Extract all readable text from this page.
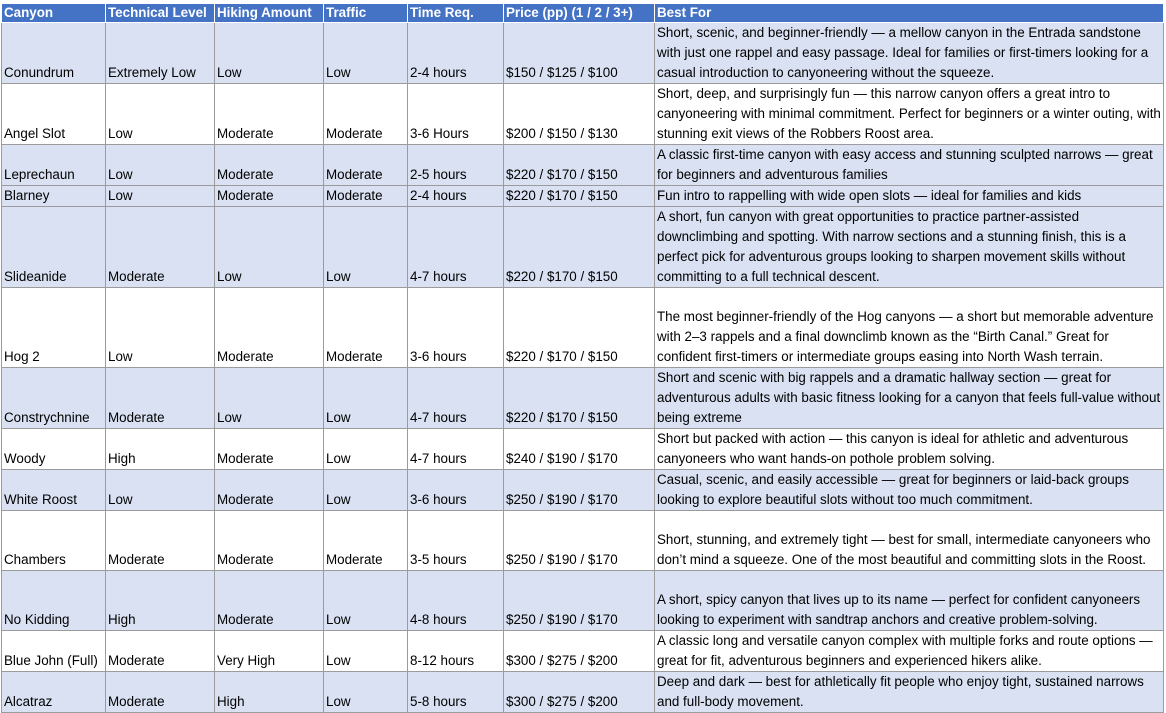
Canyon	Technical Level	Hiking Amount	Traffic	Time Req.	Price (pp) (1 / 2 / 3+)	Best For
Conundrum	Extremely Low	Low	Low	2-4 hours	$150 / $125 / $100	Short, scenic, and beginner-friendly — a mellow canyon in the Entrada sandstone with just one rappel and easy passage. Ideal for families or first-timers looking for a casual introduction to canyoneering without the squeeze.
Angel Slot	Low	Moderate	Moderate	3-6 Hours	$200 / $150 / $130	Short, deep, and surprisingly fun — this narrow canyon offers a great intro to canyoneering with minimal commitment. Perfect for beginners or a winter outing, with stunning exit views of the Robbers Roost area.
Leprechaun	Low	Moderate	Moderate	2-5 hours	$220 / $170 / $150	A classic first-time canyon with easy access and stunning sculpted narrows — great for beginners and adventurous families
Blarney	Low	Moderate	Moderate	2-4 hours	$220 / $170 / $150	Fun intro to rappelling with wide open slots — ideal for families and kids
Slideanide	Moderate	Low	Low	4-7 hours	$220 / $170 / $150	A short, fun canyon with great opportunities to practice partner-assisted downclimbing and spotting. With narrow sections and a stunning finish, this is a perfect pick for adventurous groups looking to sharpen movement skills without committing to a full technical descent.
Hog 2	Low	Moderate	Moderate	3-6 hours	$220 / $170 / $150	The most beginner-friendly of the Hog canyons — a short but memorable adventure with 2–3 rappels and a final downclimb known as the “Birth Canal.” Great for confident first-timers or intermediate groups easing into North Wash terrain.
Constrychnine	Moderate	Low	Low	4-7 hours	$220 / $170 / $150	Short and scenic with big rappels and a dramatic hallway section — great for adventurous adults with basic fitness looking for a canyon that feels full-value without being extreme
Woody	High	Moderate	Low	4-7 hours	$240 / $190 / $170	Short but packed with action — this canyon is ideal for athletic and adventurous canyoneers who want hands-on pothole problem solving.
White Roost	Low	Moderate	Low	3-6 hours	$250 / $190 / $170	Casual, scenic, and easily accessible — great for beginners or laid-back groups looking to explore beautiful slots without too much commitment.
Chambers	Moderate	Moderate	Moderate	3-5 hours	$250 / $190 / $170	Short, stunning, and extremely tight — best for small, intermediate canyoneers who don’t mind a squeeze. One of the most beautiful and committing slots in the Roost.
No Kidding	High	Moderate	Low	4-8 hours	$250 / $190 / $170	A short, spicy canyon that lives up to its name — perfect for confident canyoneers looking to experiment with sandtrap anchors and creative problem-solving.
Blue John (Full)	Moderate	Very High	Low	8-12 hours	$300 / $275 / $200	A classic long and versatile canyon complex with multiple forks and route options — great for fit, adventurous beginners and experienced hikers alike.
Alcatraz	Moderate	High	Low	5-8 hours	$300 / $275 / $200	Deep and dark — best for athletically fit people who enjoy tight, sustained narrows and full-body movement.
